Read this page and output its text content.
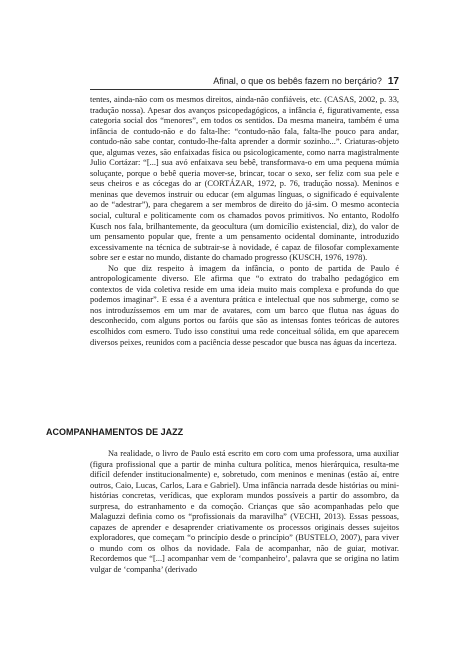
Afinal, o que os bebês fazem no berçário? 17

tentes, ainda-não com os mesmos direitos, ainda-não confiáveis, etc. (CASAS, 2002, p. 33, tradução nossa). Apesar dos avanços psicopedagógicos, a infância é, figurativamente, essa categoria social dos “menores”, em todos os sentidos. Da mesma maneira, também é uma infância de contudo-não e do falta-lhe: “contudo-não fala, falta-lhe pouco para andar, contudo-não sabe contar, contudo-lhe-falta aprender a dormir sozinho...”. Criaturas-objeto que, algumas vezes, são enfaixadas física ou psicologicamente, como narra magistralmente Julio Cortázar: “[...] sua avó enfaixava seu bebê, transformava-o em uma pequena múmia soluçante, porque o bebê queria mover-se, brincar, tocar o sexo, ser feliz com sua pele e seus cheiros e as cócegas do ar (CORTÁZAR, 1972, p. 76, tradução nossa). Meninos e meninas que devemos instruir ou educar (em algumas línguas, o significado é equivalente ao de “adestrar”), para chegarem a ser membros de direito do já-sim. O mesmo acontecia social, cultural e politicamente com os chamados povos primitivos. No entanto, Rodolfo Kusch nos fala, brilhantemente, da geocultura (um domicílio existencial, diz), do valor de um pensamento popular que, frente a um pensamento ocidental dominante, introduzido excessivamente na técnica de subtrair-se à novidade, é capaz de filosofar complexamente sobre ser e estar no mundo, distante do chamado progresso (KUSCH, 1976, 1978).

No que diz respeito à imagem da infância, o ponto de partida de Paulo é antropologicamente diverso. Ele afirma que “o extrato do trabalho pedagógico em contextos de vida coletiva reside em uma ideia muito mais complexa e profunda do que podemos imaginar”. E essa é a aventura prática e intelectual que nos submerge, como se nos introduzíssemos em um mar de avatares, com um barco que flutua nas águas do desconhecido, com alguns portos ou faróis que são as intensas fontes teóricas de autores escolhidos com esmero. Tudo isso constitui uma rede conceitual sólida, em que aparecem diversos peixes, reunidos com a paciência desse pescador que busca nas águas da incerteza.

ACOMPANHAMENTOS DE JAZZ

Na realidade, o livro de Paulo está escrito em coro com uma professora, uma auxiliar (figura profissional que a partir de minha cultura política, menos hierárquica, resulta-me difícil defender institucionalmente) e, sobretudo, com meninos e meninas (estão aí, entre outros, Caio, Lucas, Carlos, Lara e Gabriel). Uma infância narrada desde histórias ou mini-histórias concretas, verídicas, que exploram mundos possíveis a partir do assombro, da surpresa, do estranhamento e da comoção. Crianças que são acompanhadas pelo que Malaguzzi definia como os “profissionais da maravilha” (VECHI, 2013). Essas pessoas, capazes de aprender e desaprender criativamente os processos originais desses sujeitos exploradores, que começam “o princípio desde o princípio” (BUSTELO, 2007), para viver o mundo com os olhos da novidade. Fala de acompanhar, não de guiar, motivar. Recordemos que “[...] acompanhar vem de ‘companheiro’, palavra que se origina no latim vulgar de ‘companha’ (derivado
